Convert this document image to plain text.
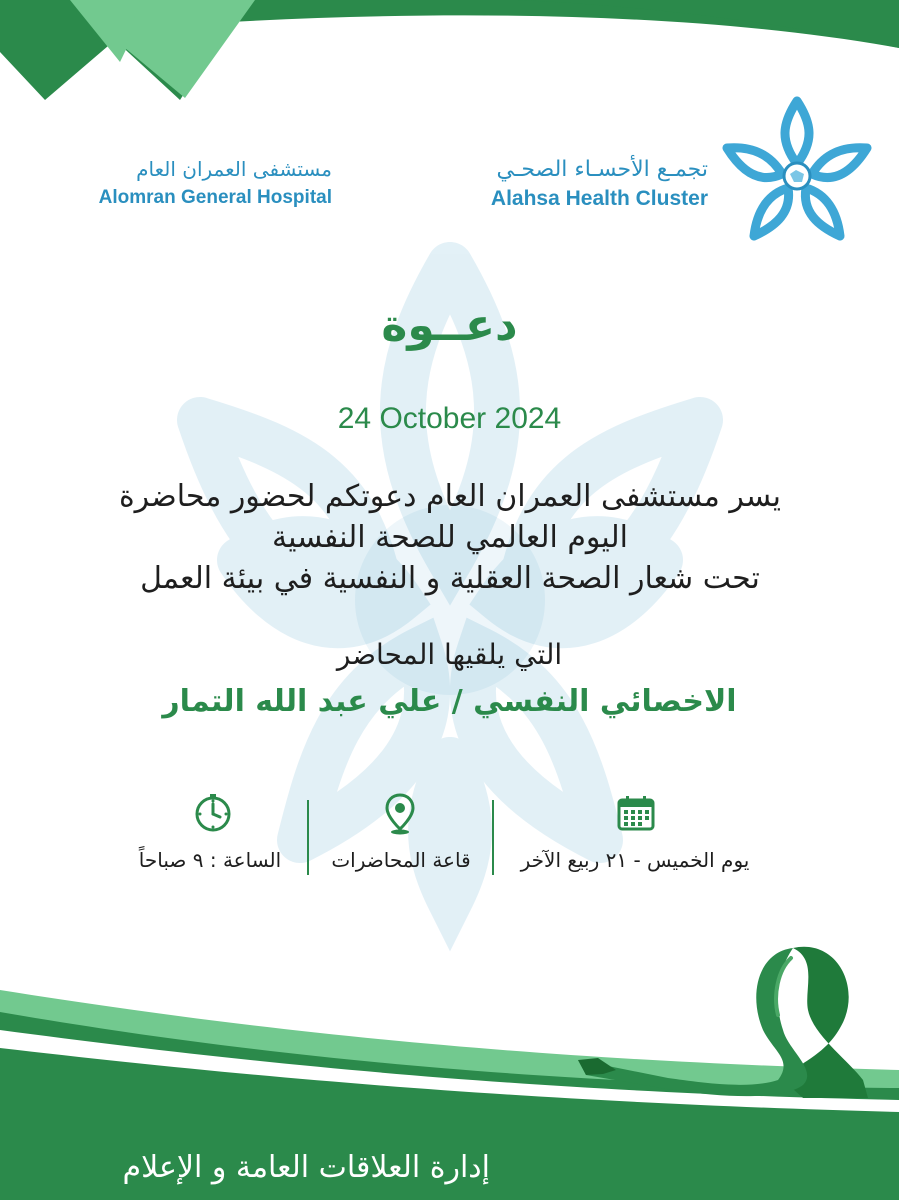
مستشفى العمران العام
Alomran General Hospital
تجمـع الأحسـاء الصحـي
Alahsa Health Cluster
دعــوة
24 October 2024
يسر مستشفى العمران العام دعوتكم لحضور محاضرة
اليوم العالمي للصحة النفسية
تحت شعار الصحة العقلية و النفسية في بيئة العمل
التي يلقيها المحاضر
الاخصائي النفسي / علي عبد الله التمار
يوم الخميس - ٢١ ربيع الآخر
قاعة المحاضرات
الساعة : ٩ صباحاً
إدارة العلاقات العامة و الإعلام
